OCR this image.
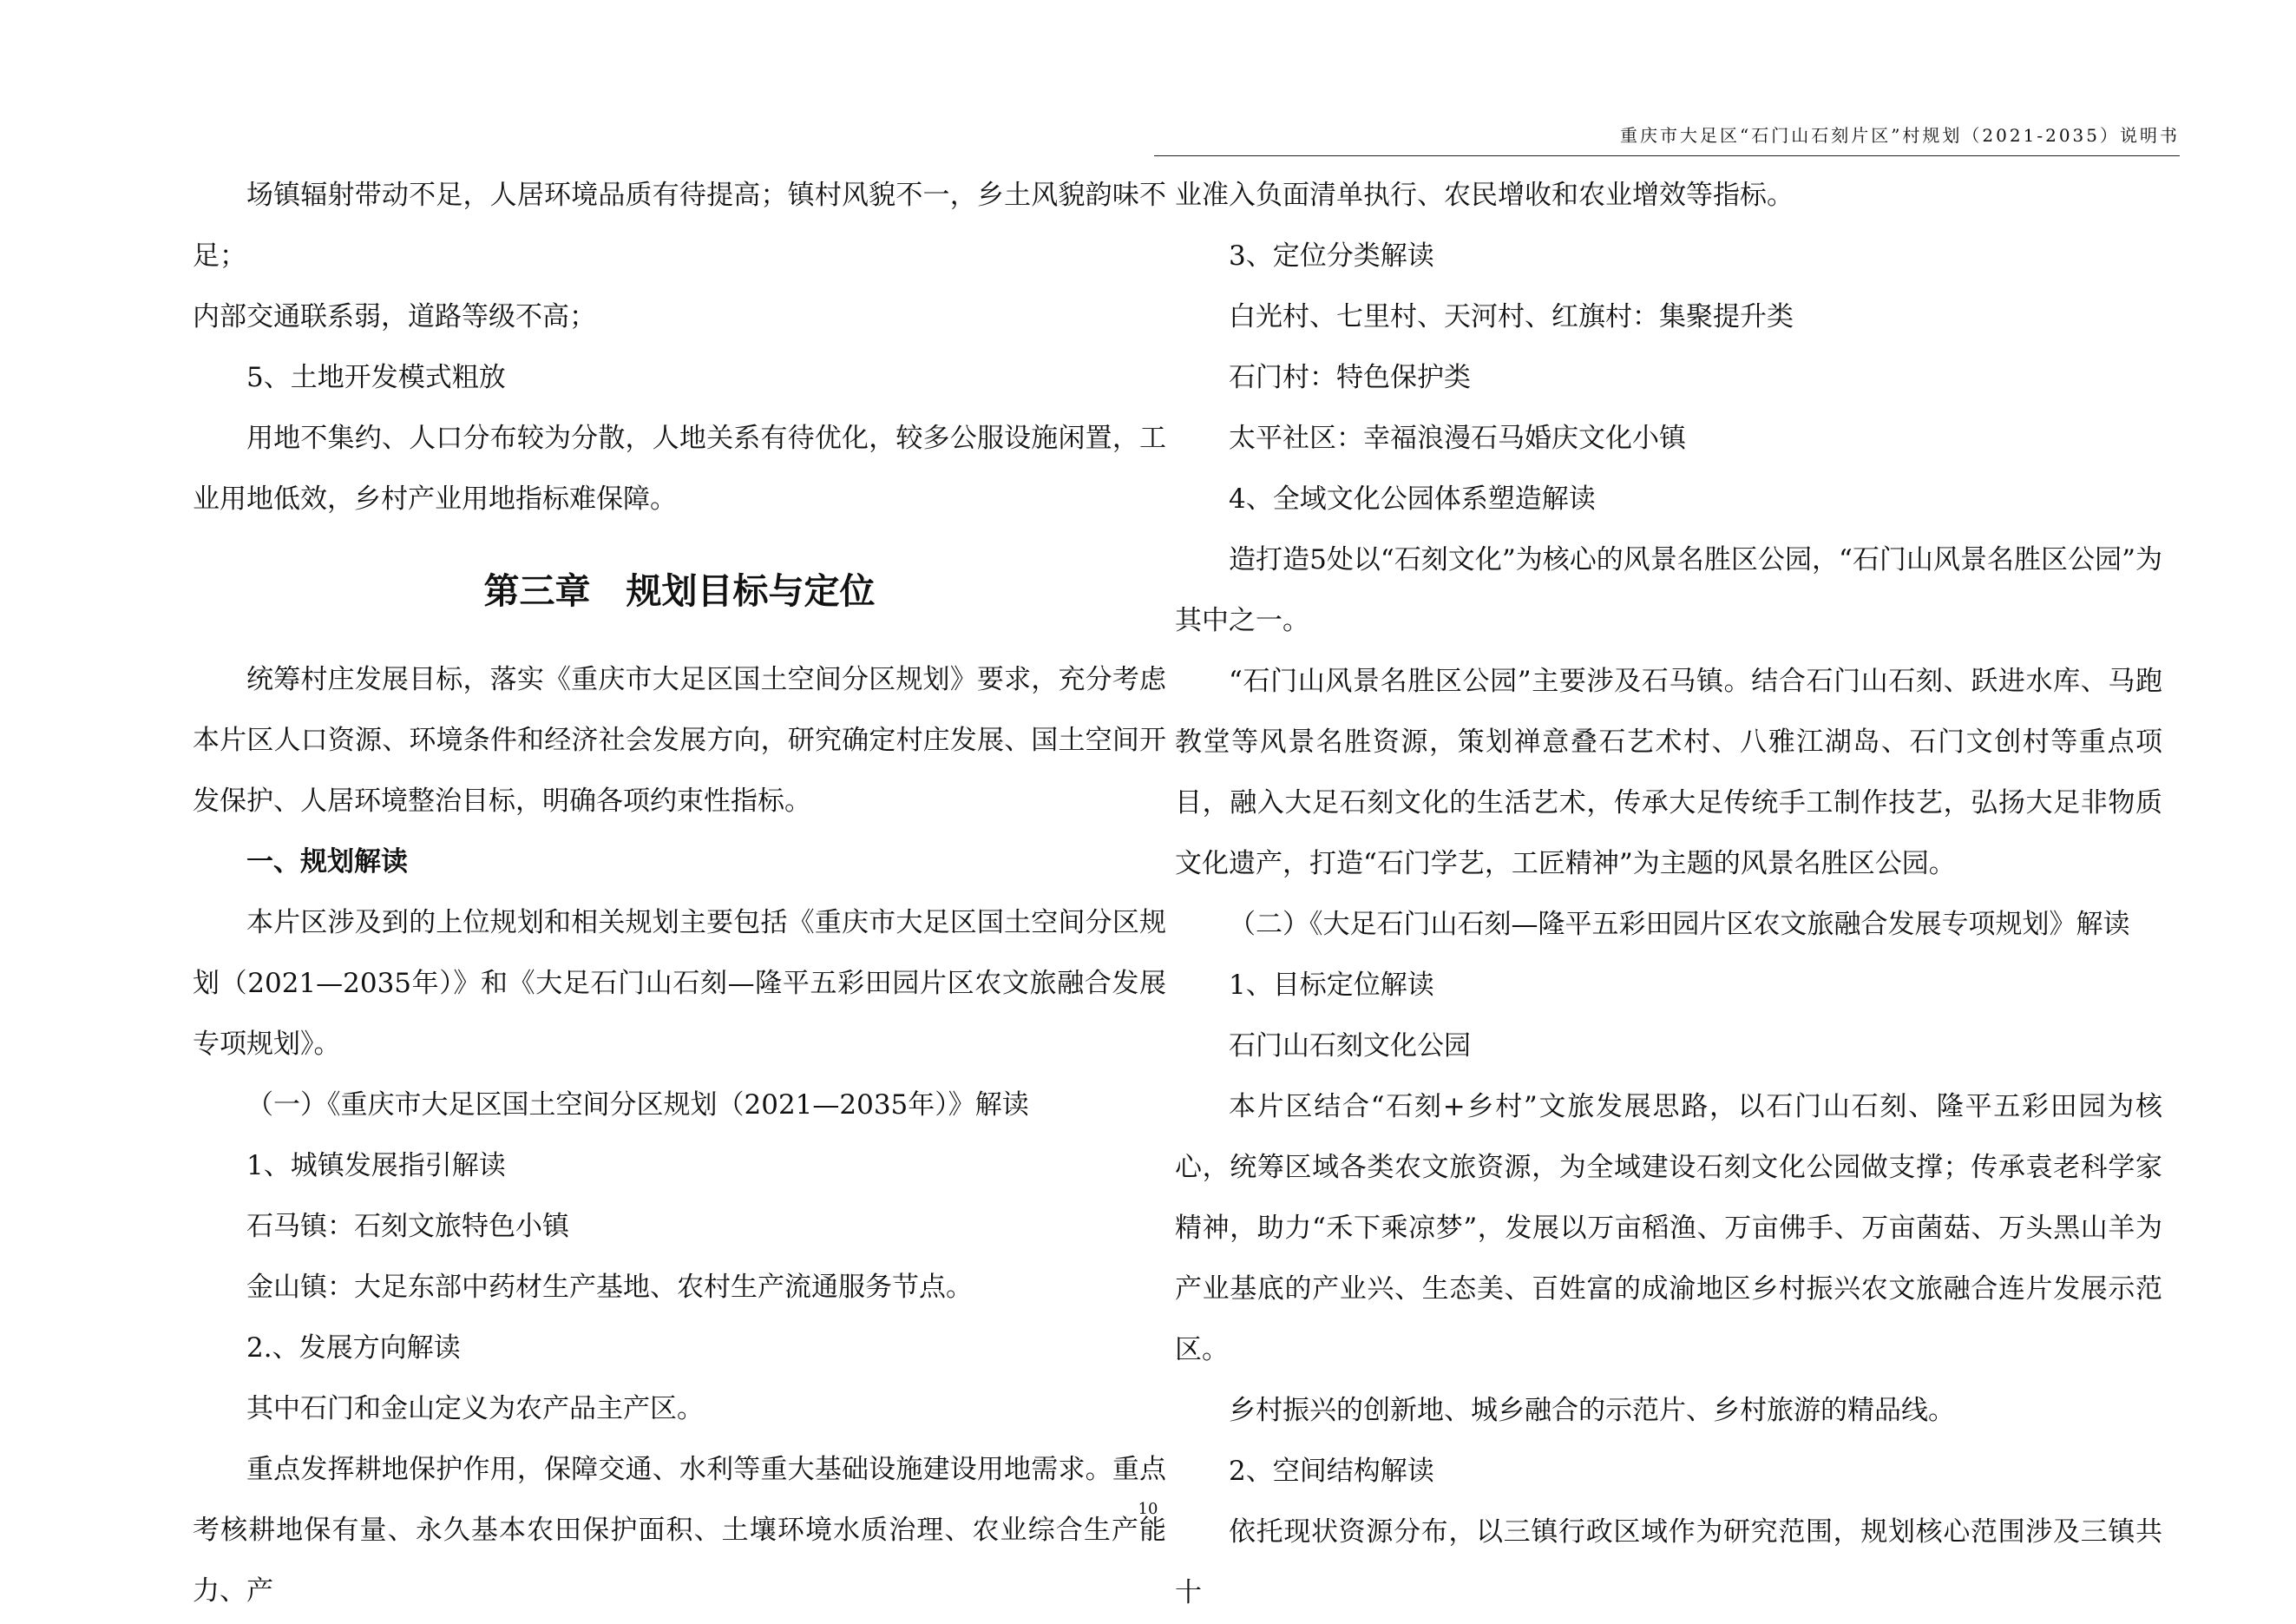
重庆市大足区“石门山石刻片区”村规划（2021-2035）说明书

场镇辐射带动不足，人居环境品质有待提高；镇村风貌不一，乡土风貌韵味不足；

内部交通联系弱，道路等级不高；

5、土地开发模式粗放

用地不集约、人口分布较为分散，人地关系有待优化，较多公服设施闲置，工业用地低效，乡村产业用地指标难保障。

第三章　规划目标与定位

统筹村庄发展目标，落实《重庆市大足区国土空间分区规划》要求，充分考虑本片区人口资源、环境条件和经济社会发展方向，研究确定村庄发展、国土空间开发保护、人居环境整治目标，明确各项约束性指标。

一、规划解读

本片区涉及到的上位规划和相关规划主要包括《重庆市大足区国土空间分区规划（2021—2035年）》和《大足石门山石刻—隆平五彩田园片区农文旅融合发展专项规划》。

（一）《重庆市大足区国土空间分区规划（2021—2035年）》解读

1、城镇发展指引解读

石马镇：石刻文旅特色小镇

金山镇：大足东部中药材生产基地、农村生产流通服务节点。

2.、发展方向解读

其中石门和金山定义为农产品主产区。

重点发挥耕地保护作用，保障交通、水利等重大基础设施建设用地需求。重点考核耕地保有量、永久基本农田保护面积、土壤环境水质治理、农业综合生产能力、产

业准入负面清单执行、农民增收和农业增效等指标。

3、定位分类解读

白光村、七里村、天河村、红旗村：集聚提升类

石门村：特色保护类

太平社区：幸福浪漫石马婚庆文化小镇

4、全域文化公园体系塑造解读

造打造5处以“石刻文化”为核心的风景名胜区公园，“石门山风景名胜区公园”为其中之一。

“石门山风景名胜区公园”主要涉及石马镇。结合石门山石刻、跃进水库、马跑教堂等风景名胜资源，策划禅意叠石艺术村、八雅江湖岛、石门文创村等重点项目，融入大足石刻文化的生活艺术，传承大足传统手工制作技艺，弘扬大足非物质文化遗产，打造“石门学艺，工匠精神”为主题的风景名胜区公园。

（二）《大足石门山石刻—隆平五彩田园片区农文旅融合发展专项规划》解读

1、目标定位解读

石门山石刻文化公园

本片区结合“石刻+乡村”文旅发展思路，以石门山石刻、隆平五彩田园为核心，统筹区域各类农文旅资源，为全域建设石刻文化公园做支撑；传承袁老科学家精神，助力“禾下乘凉梦”，发展以万亩稻渔、万亩佛手、万亩菌菇、万头黑山羊为产业基底的产业兴、生态美、百姓富的成渝地区乡村振兴农文旅融合连片发展示范区。

乡村振兴的创新地、城乡融合的示范片、乡村旅游的精品线。

2、空间结构解读

依托现状资源分布，以三镇行政区域作为研究范围，规划核心范围涉及三镇共十

10
